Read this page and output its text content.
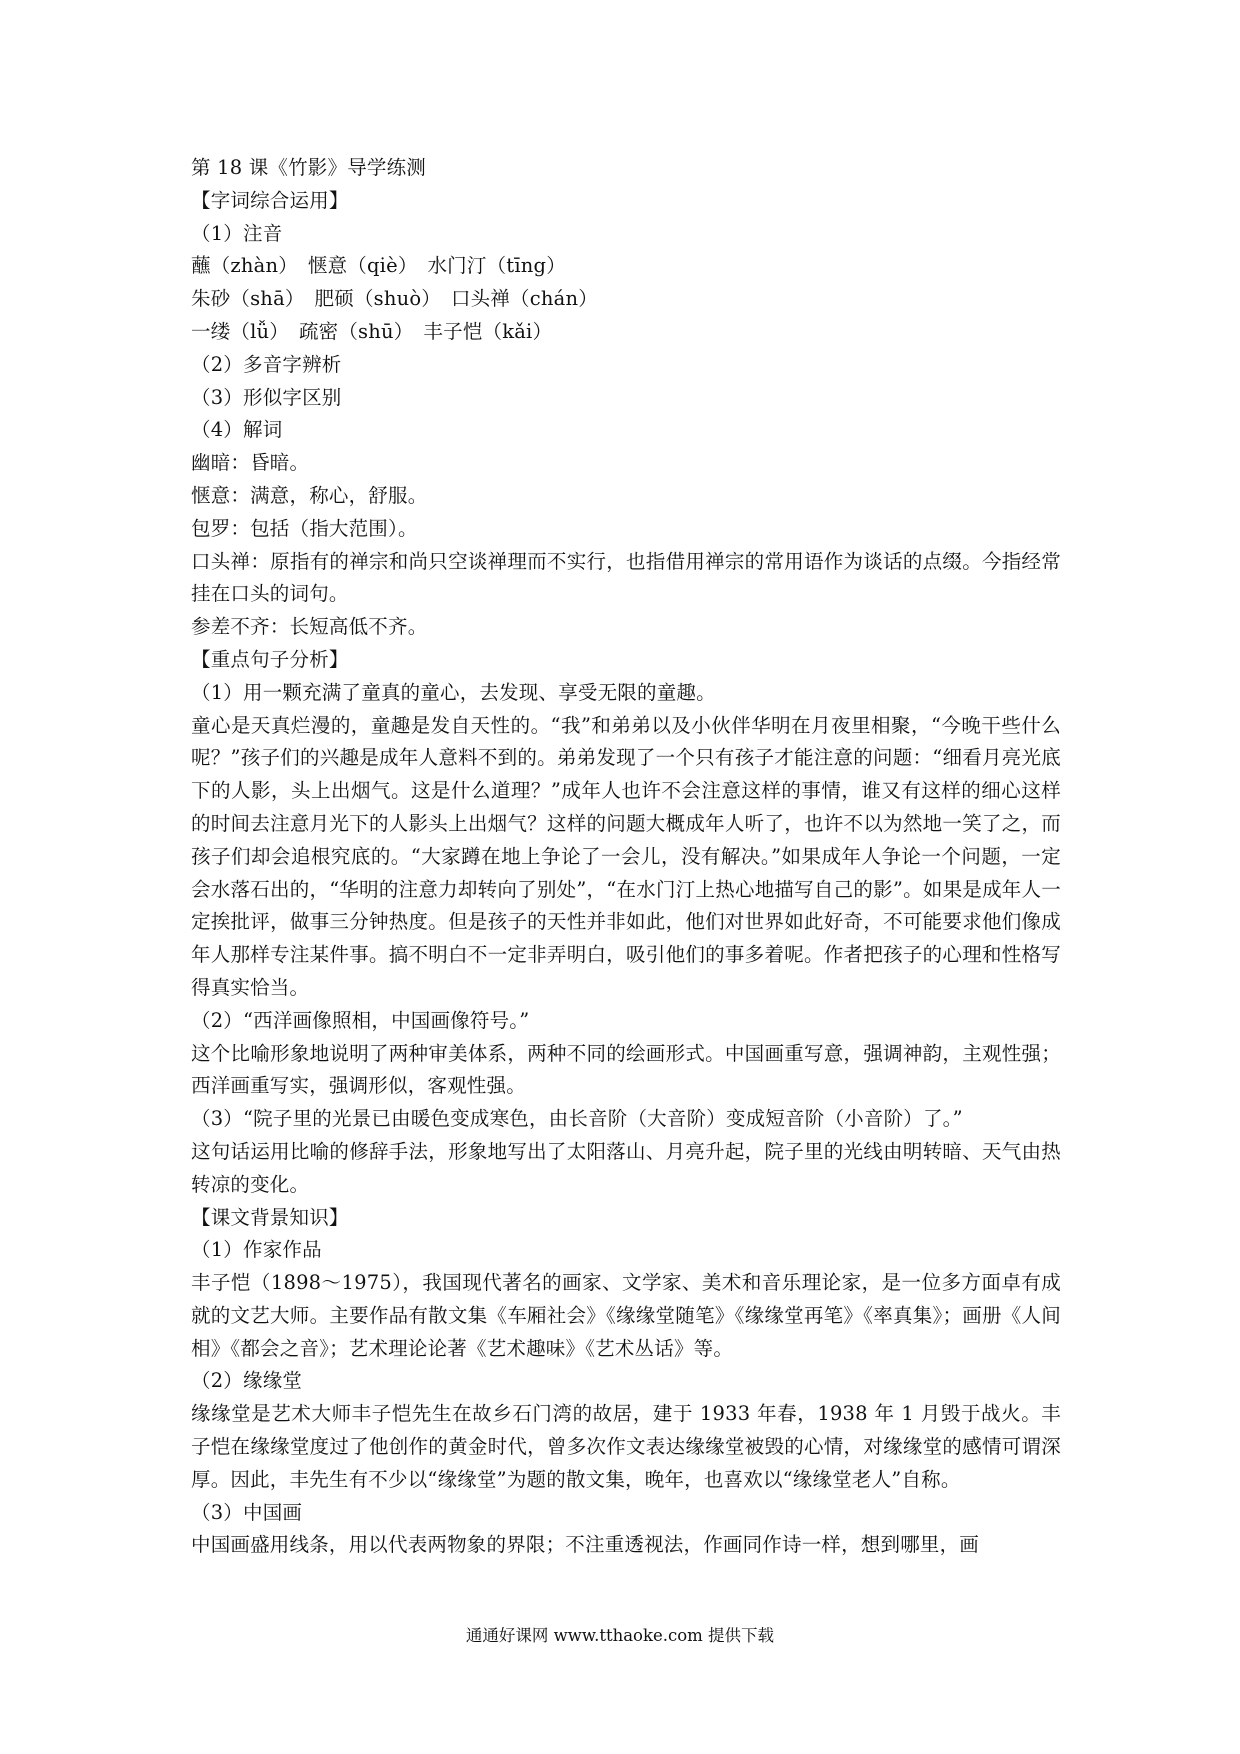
第 18 课《竹影》导学练测
【字词综合运用】
（1）注音
蘸（zhàn）　惬意（qiè）　水门汀（tīng）
朱砂（shā）　肥硕（shuò）　口头禅（chán）
一缕（lǚ）　疏密（shū）　丰子恺（kǎi）
（2）多音字辨析
（3）形似字区别
（4）解词
幽暗：昏暗。
惬意：满意，称心，舒服。
包罗：包括（指大范围）。
口头禅：原指有的禅宗和尚只空谈禅理而不实行，也指借用禅宗的常用语作为谈话的点缀。今指经常挂在口头的词句。
参差不齐：长短高低不齐。
【重点句子分析】
（1）用一颗充满了童真的童心，去发现、享受无限的童趣。
童心是天真烂漫的，童趣是发自天性的。“我”和弟弟以及小伙伴华明在月夜里相聚，“今晚干些什么呢？”孩子们的兴趣是成年人意料不到的。弟弟发现了一个只有孩子才能注意的问题：“细看月亮光底下的人影，头上出烟气。这是什么道理？”成年人也许不会注意这样的事情，谁又有这样的细心这样的时间去注意月光下的人影头上出烟气？这样的问题大概成年人听了，也许不以为然地一笑了之，而孩子们却会追根究底的。“大家蹲在地上争论了一会儿，没有解决。”如果成年人争论一个问题，一定会水落石出的，“华明的注意力却转向了别处”，“在水门汀上热心地描写自己的影”。如果是成年人一定挨批评，做事三分钟热度。但是孩子的天性并非如此，他们对世界如此好奇，不可能要求他们像成年人那样专注某件事。搞不明白不一定非弄明白，吸引他们的事多着呢。作者把孩子的心理和性格写得真实恰当。
（2）“西洋画像照相，中国画像符号。”
这个比喻形象地说明了两种审美体系，两种不同的绘画形式。中国画重写意，强调神韵，主观性强；西洋画重写实，强调形似，客观性强。
（3）“院子里的光景已由暖色变成寒色，由长音阶（大音阶）变成短音阶（小音阶）了。”
这句话运用比喻的修辞手法，形象地写出了太阳落山、月亮升起，院子里的光线由明转暗、天气由热转凉的变化。
【课文背景知识】
（1）作家作品
丰子恺（1898～1975），我国现代著名的画家、文学家、美术和音乐理论家，是一位多方面卓有成就的文艺大师。主要作品有散文集《车厢社会》《缘缘堂随笔》《缘缘堂再笔》《率真集》；画册《人间相》《都会之音》；艺术理论论著《艺术趣味》《艺术丛话》等。
（2）缘缘堂
缘缘堂是艺术大师丰子恺先生在故乡石门湾的故居，建于 1933 年春，1938 年 1 月毁于战火。丰子恺在缘缘堂度过了他创作的黄金时代，曾多次作文表达缘缘堂被毁的心情，对缘缘堂的感情可谓深厚。因此，丰先生有不少以“缘缘堂”为题的散文集，晚年，也喜欢以“缘缘堂老人”自称。
（3）中国画
中国画盛用线条，用以代表两物象的界限；不注重透视法，作画同作诗一样，想到哪里，画
通通好课网 www.tthaoke.com 提供下载
